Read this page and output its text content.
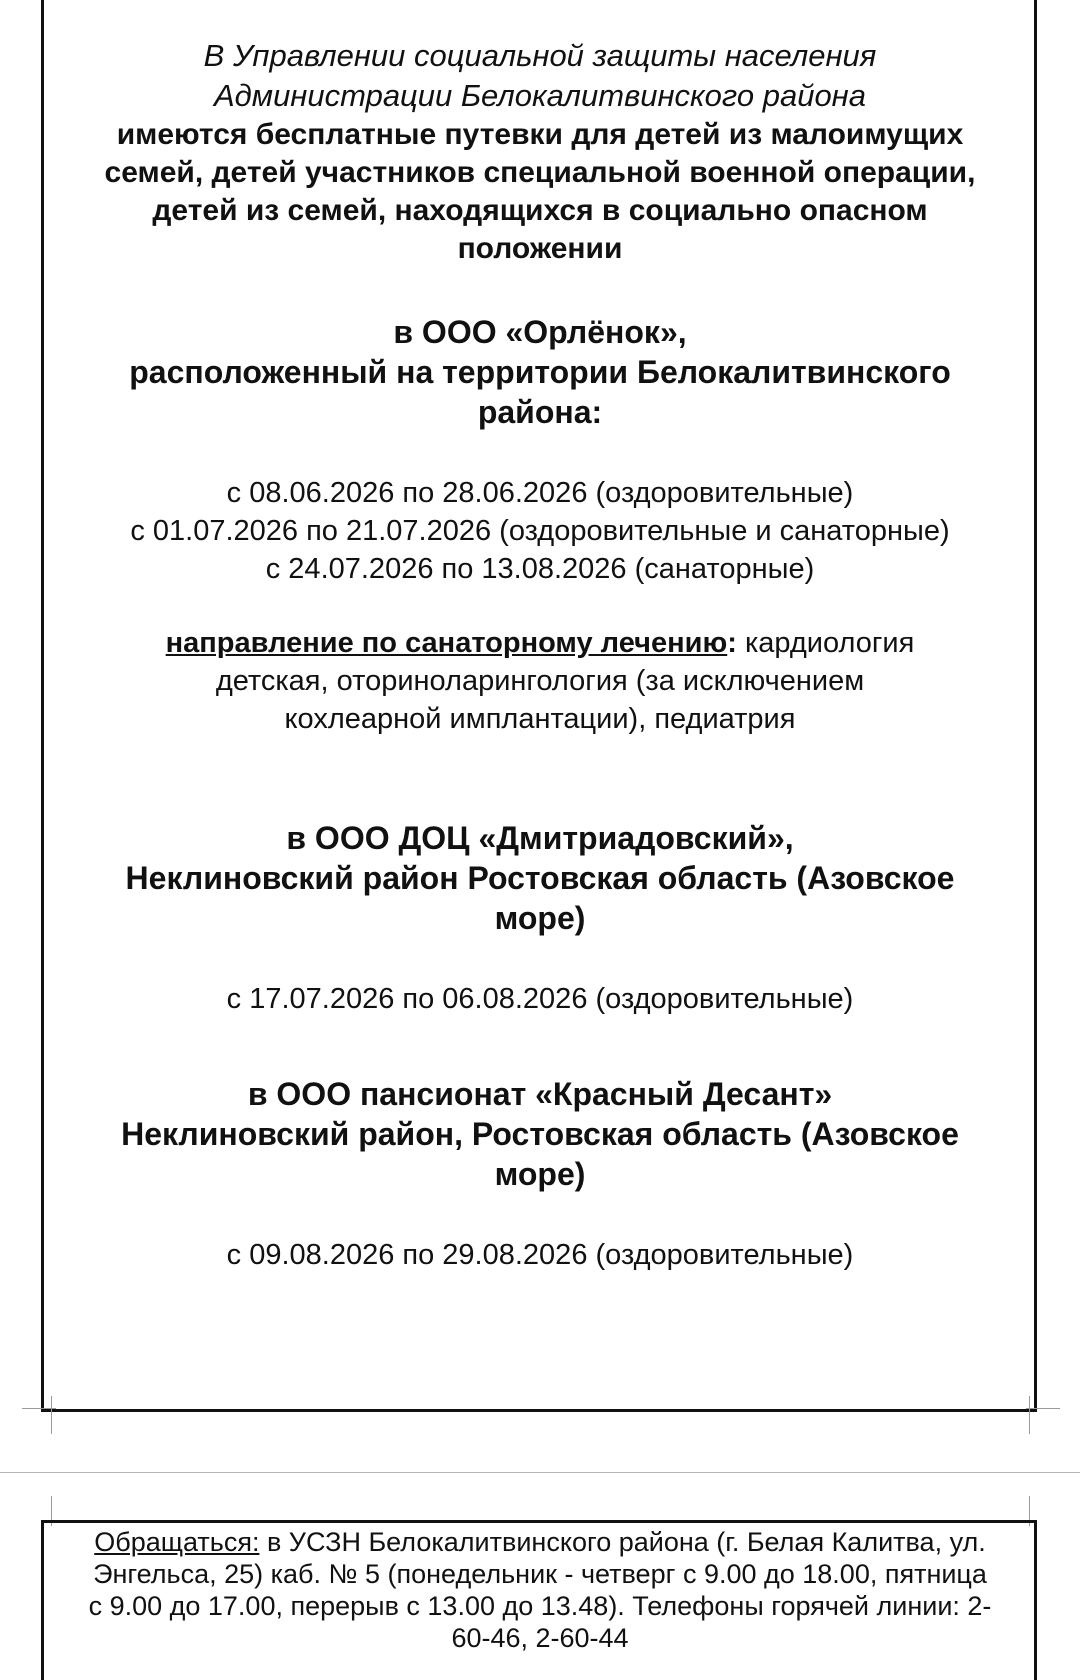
В Управлении социальной защиты населения

Администрации Белокалитвинского района

имеются бесплатные путевки для детей из малоимущих

семей, детей участников специальной военной операции,

детей из семей, находящихся в социально опасном

положении

в ООО «Орлёнок»,

расположенный на территории Белокалитвинского

района:

с 08.06.2026 по 28.06.2026 (оздоровительные)

с 01.07.2026 по 21.07.2026 (оздоровительные и санаторные)

с 24.07.2026 по 13.08.2026 (санаторные)

направление по санаторному лечению: кардиология

детская, оториноларингология (за исключением

кохлеарной имплантации), педиатрия

в ООО ДОЦ «Дмитриадовский»,

Неклиновский район Ростовская область (Азовское

море)

с 17.07.2026 по 06.08.2026 (оздоровительные)

в ООО пансионат «Красный Десант»

Неклиновский район, Ростовская область (Азовское

море)

с 09.08.2026 по 29.08.2026 (оздоровительные)

Обращаться: в УСЗН Белокалитвинского района (г. Белая Калитва, ул.
Энгельса, 25) каб. № 5 (понедельник - четверг с 9.00 до 18.00, пятница
с 9.00 до 17.00, перерыв с 13.00 до 13.48). Телефоны горячей линии: 2-
60-46, 2-60-44
